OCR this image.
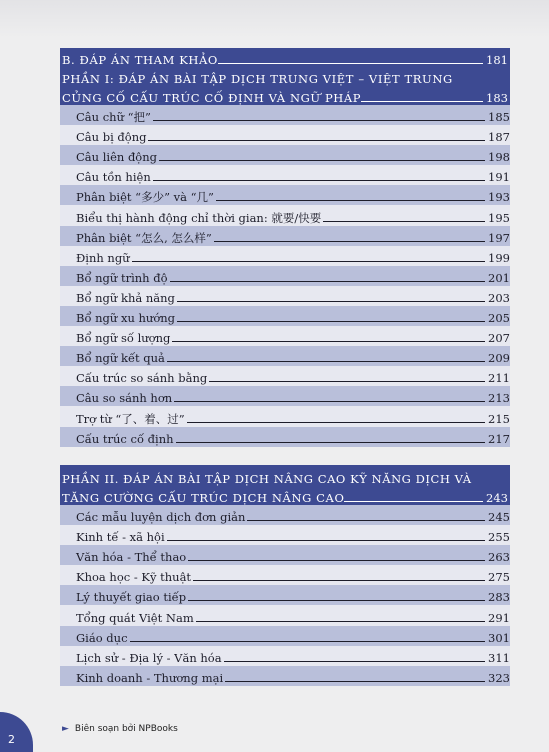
B. ĐÁP ÁN THAM KHẢO	181
PHẦN I: ĐÁP ÁN BÀI TẬP DỊCH TRUNG VIỆT – VIỆT TRUNG
CỦNG CỐ CẤU TRÚC CỐ ĐỊNH VÀ NGỮ PHÁP	183
Câu chữ “把”	185
Câu bị động	187
Câu liên động	198
Câu tồn hiện	191
Phân biệt “多少” và “几”	193
Biểu thị hành động chỉ thời gian: 就要/快要	195
Phân biệt “怎么, 怎么样”	197
Định ngữ	199
Bổ ngữ trình độ	201
Bổ ngữ khả năng	203
Bổ ngữ xu hướng	205
Bổ ngữ số lượng	207
Bổ ngữ kết quả	209
Cấu trúc so sánh bằng	211
Câu so sánh hơn	213
Trợ từ “了、着、过”	215
Cấu trúc cố định	217
PHẦN II. ĐÁP ÁN BÀI TẬP DỊCH NÂNG CAO KỸ NĂNG DỊCH VÀ
TĂNG CƯỜNG CẤU TRÚC DỊCH NÂNG CAO	243
Các mẫu luyện dịch đơn giản	245
Kinh tế - xã hội	255
Văn hóa - Thể thao	263
Khoa học - Kỹ thuật	275
Lý thuyết giao tiếp	283
Tổng quát Việt Nam	291
Giáo dục	301
Lịch sử - Địa lý - Văn hóa	311
Kinh doanh - Thương mại	323
2
► Biên soạn bởi NPBooks
